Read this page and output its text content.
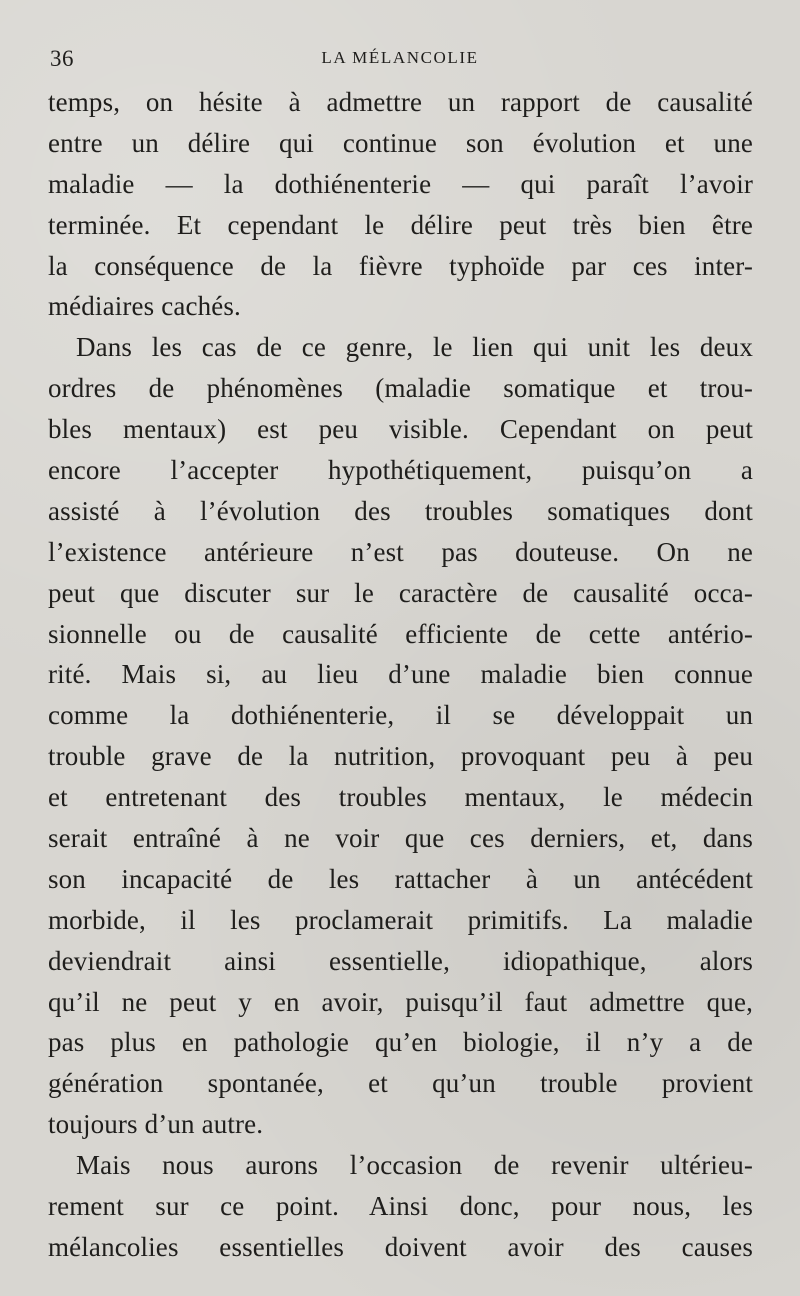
36	LA MÉLANCOLIE
temps, on hésite à admettre un rapport de causalité
entre un délire qui continue son évolution et une
maladie — la dothiénenterie — qui paraît l’avoir
terminée. Et cependant le délire peut très bien être
la conséquence de la fièvre typhoïde par ces inter-
médiaires cachés.
Dans les cas de ce genre, le lien qui unit les deux
ordres de phénomènes (maladie somatique et trou-
bles mentaux) est peu visible. Cependant on peut
encore l’accepter hypothétiquement, puisqu’on a
assisté à l’évolution des troubles somatiques dont
l’existence antérieure n’est pas douteuse. On ne
peut que discuter sur le caractère de causalité occa-
sionnelle ou de causalité efficiente de cette antério-
rité. Mais si, au lieu d’une maladie bien connue
comme la dothiénenterie, il se développait un
trouble grave de la nutrition, provoquant peu à peu
et entretenant des troubles mentaux, le médecin
serait entraîné à ne voir que ces derniers, et, dans
son incapacité de les rattacher à un antécédent
morbide, il les proclamerait primitifs. La maladie
deviendrait ainsi essentielle, idiopathique, alors
qu’il ne peut y en avoir, puisqu’il faut admettre que,
pas plus en pathologie qu’en biologie, il n’y a de
génération spontanée, et qu’un trouble provient
toujours d’un autre.
Mais nous aurons l’occasion de revenir ultérieu-
rement sur ce point. Ainsi donc, pour nous, les
mélancolies essentielles doivent avoir des causes
